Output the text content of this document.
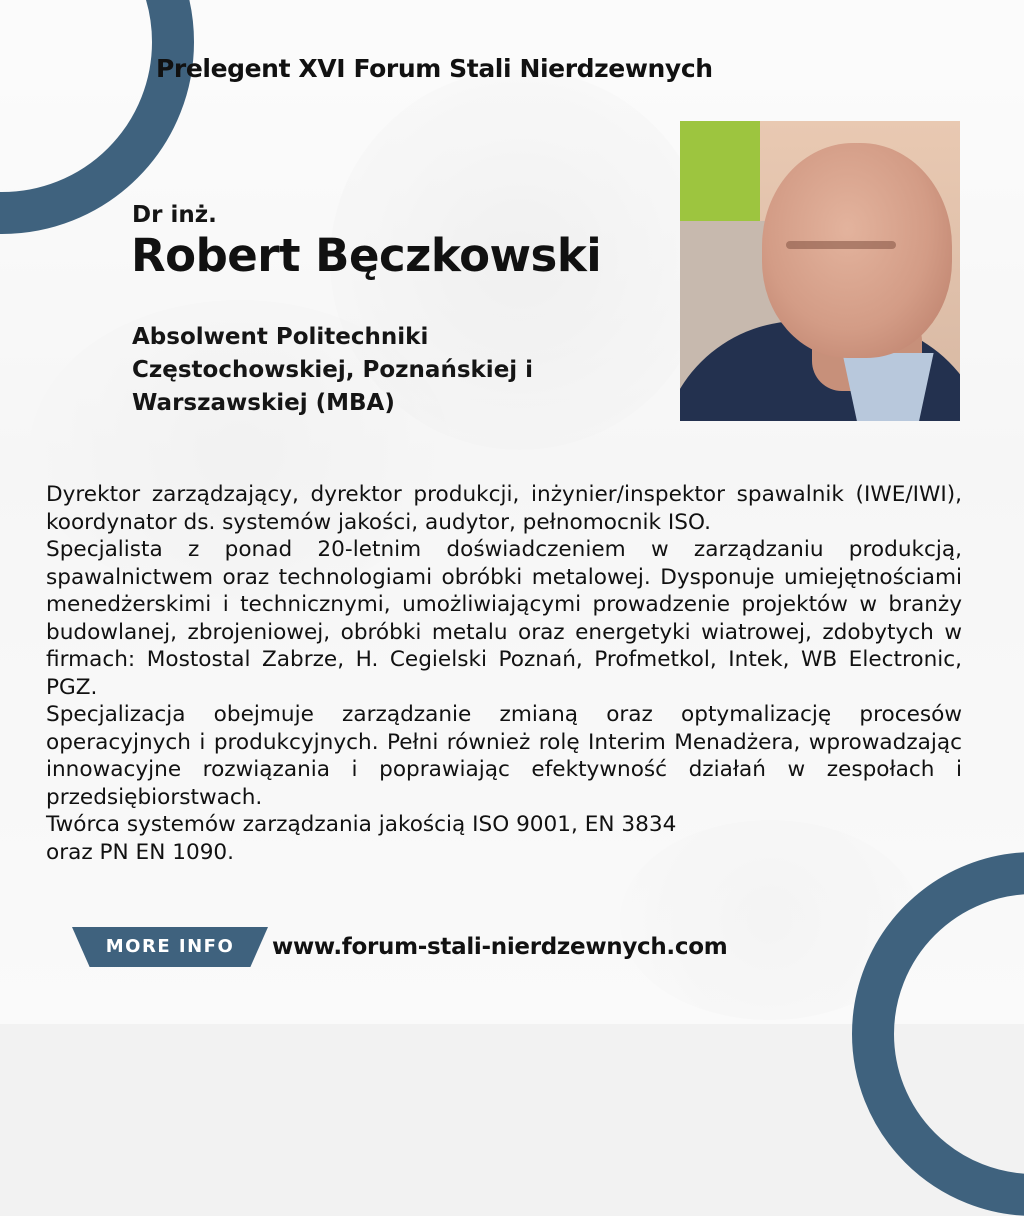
Prelegent XVI Forum Stali Nierdzewnych
Dr inż.
Robert Bęczkowski
Absolwent Politechniki Częstochowskiej, Poznańskiej i Warszawskiej (MBA)

Dyrektor zarządzający, dyrektor produkcji, inżynier/inspektor spawalnik (IWE/IWI), koordynator ds. systemów jakości, audytor, pełnomocnik ISO.

Specjalista z ponad 20-letnim doświadczeniem w zarządzaniu produkcją, spawalnictwem oraz technologiami obróbki metalowej. Dysponuje umiejętnościami menedżerskimi i technicznymi, umożliwiającymi prowadzenie projektów w branży budowlanej, zbrojeniowej, obróbki metalu oraz energetyki wiatrowej, zdobytych w firmach: Mostostal Zabrze, H. Cegielski Poznań, Profmetkol, Intek, WB Electronic, PGZ.

Specjalizacja obejmuje zarządzanie zmianą oraz optymalizację procesów operacyjnych i produkcyjnych. Pełni również rolę Interim Menadżera, wprowadzając innowacyjne rozwiązania i poprawiając efektywność działań w zespołach i przedsiębiorstwach.

Twórca systemów zarządzania jakością ISO 9001, EN 3834

oraz PN EN 1090.

MORE INFO	www.forum-stali-nierdzewnych.com
